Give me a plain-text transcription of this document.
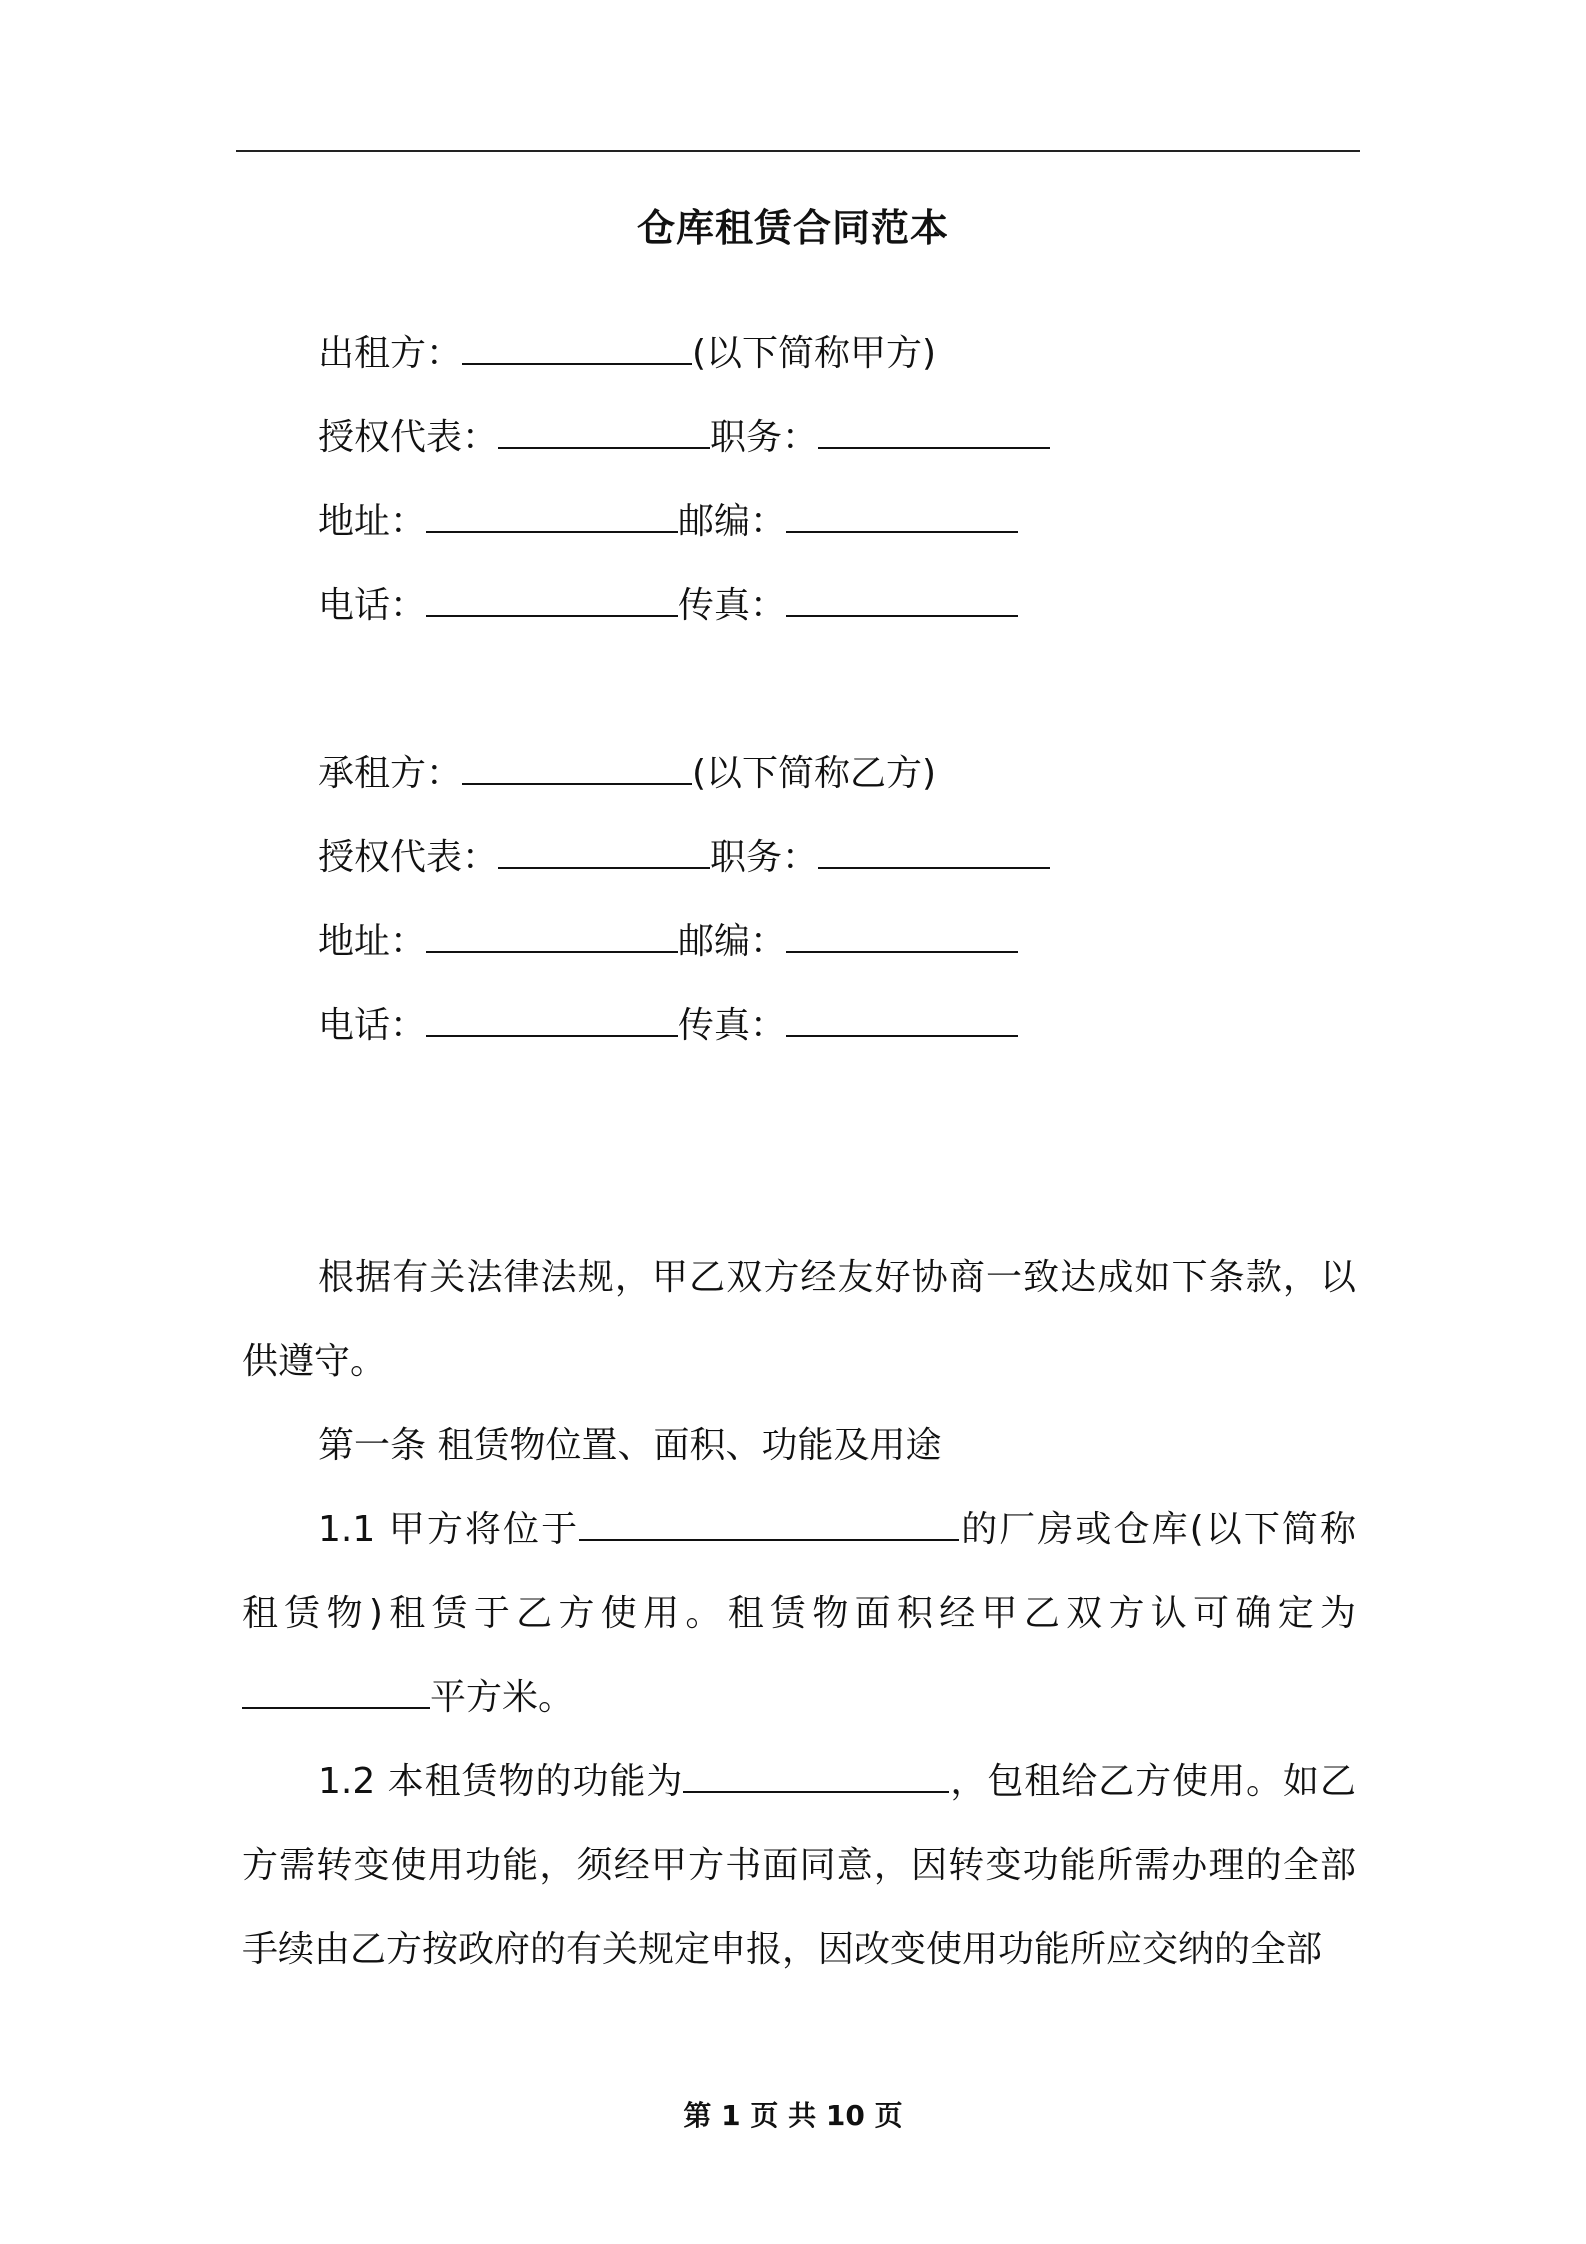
仓库租赁合同范本
出租方：	(以下简称甲方)
授权代表：	职务：
地址：	邮编：
电话：	传真：
承租方：	(以下简称乙方)
授权代表：	职务：
地址：	邮编：
电话：	传真：

根据有关法律法规，甲乙双方经友好协商一致达成如下条款，以供遵守。

第一条 租赁物位置、面积、功能及用途

1.1 甲方将位于	的厂房或仓库(以下简称租赁物)租赁于乙方使用。租赁物面积经甲乙双方认可确定为平方米。

1.2 本租赁物的功能为	，包租给乙方使用。如乙方需转变使用功能，须经甲方书面同意，因转变功能所需办理的全部手续由乙方按政府的有关规定申报，因改变使用功能所应交纳的全部

第 1 页 共 10 页
